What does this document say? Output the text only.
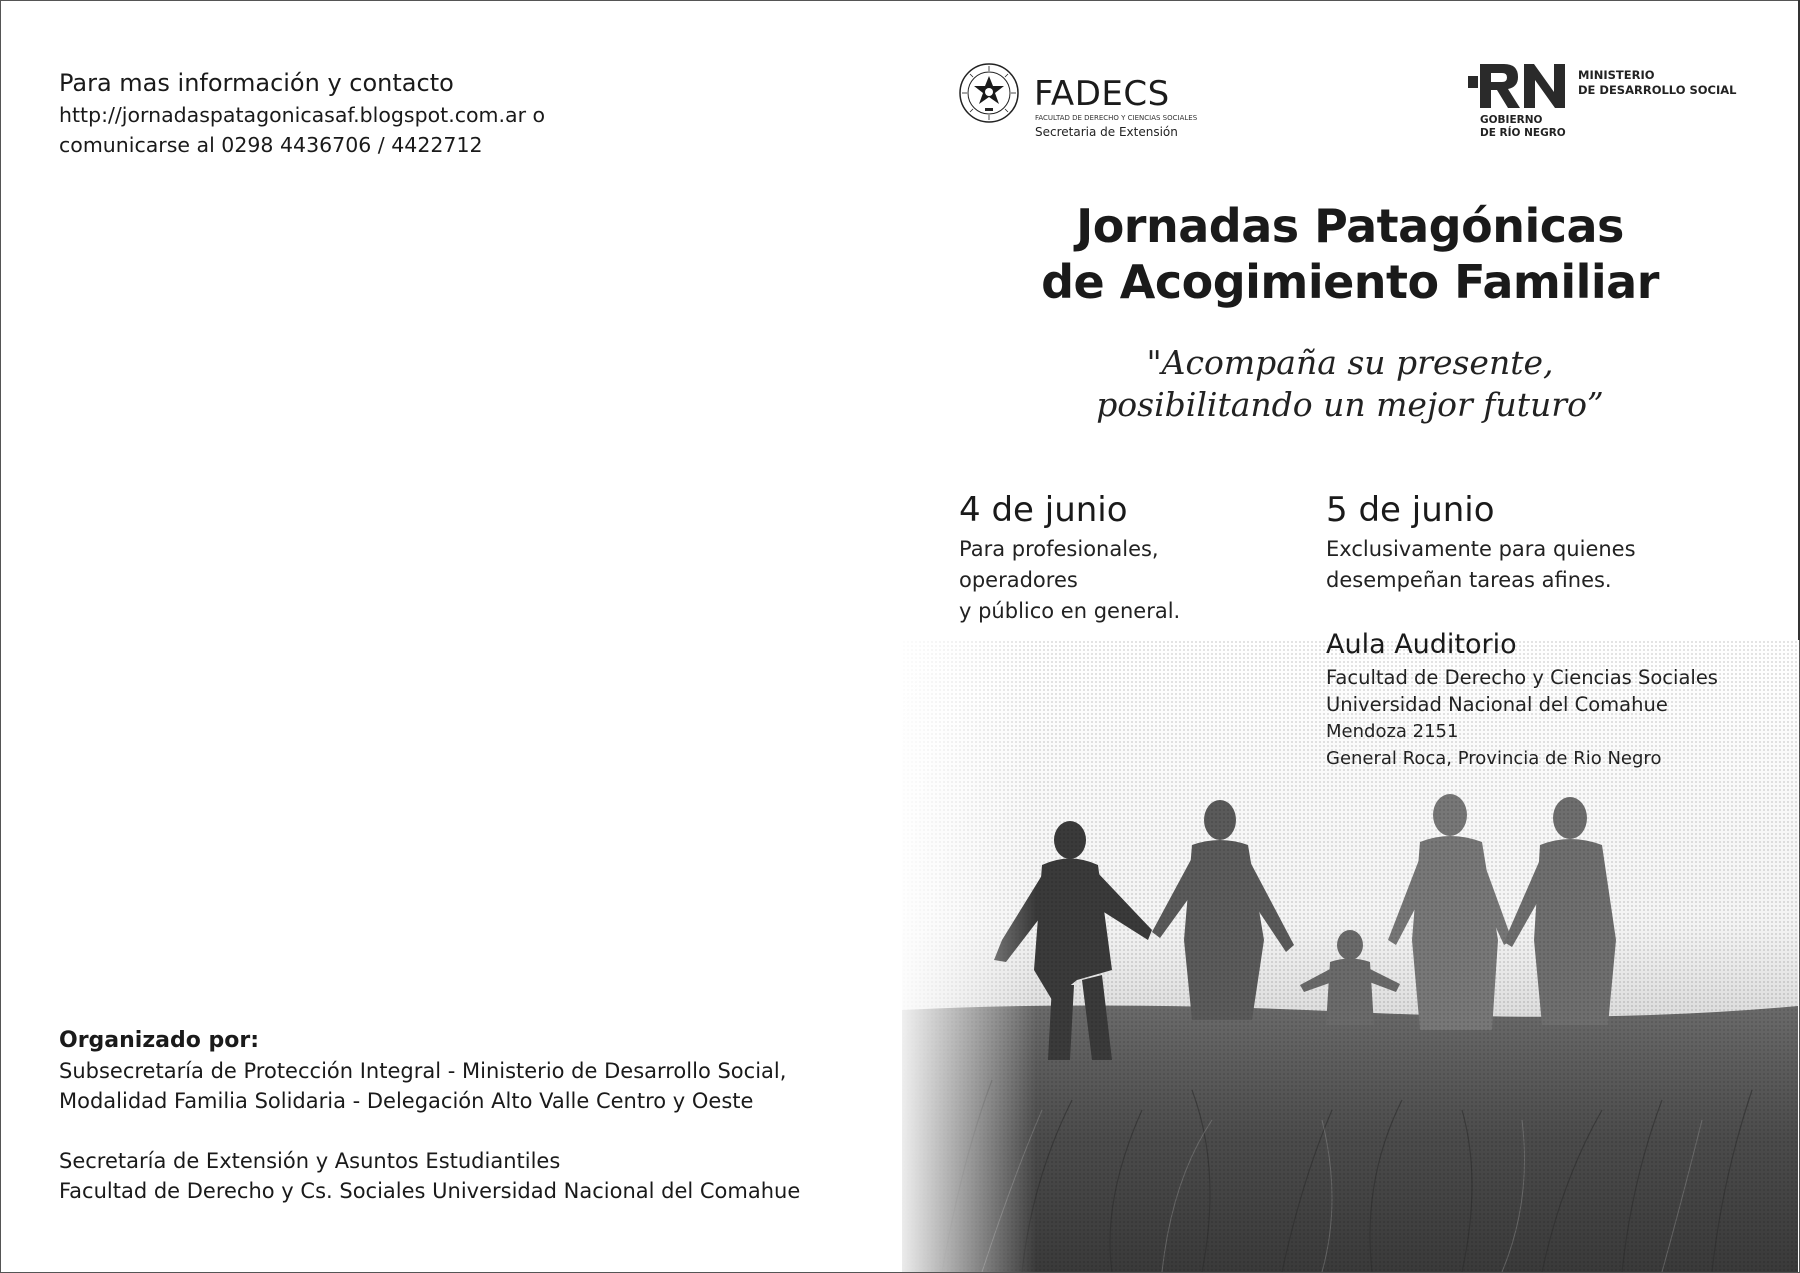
Para mas información y contacto

http://jornadaspatagonicasaf.blogspot.com.ar o

comunicarse al 0298 4436706 / 4422712

Organizado por:

Subsecretaría de Protección Integral - Ministerio de Desarrollo Social,

Modalidad Familia Solidaria - Delegación Alto Valle Centro y Oeste

Secretaría de Extensión y Asuntos Estudiantiles

Facultad de Derecho y Cs. Sociales Universidad Nacional del Comahue

FADECS
FACULTAD DE DERECHO Y CIENCIAS SOCIALES
Secretaria de Extensión
GOBIERNO
DE RÍO NEGRO
MINISTERIO
DE DESARROLLO SOCIAL
Jornadas Patagónicas
de Acogimiento Familiar
"Acompaña su presente,
posibilitando un mejor futuro”

4 de junio

Para profesionales,

operadores

y público en general.

5 de junio

Exclusivamente para quienes

desempeñan tareas afines.

Aula Auditorio

Facultad de Derecho y Ciencias Sociales

Universidad Nacional del Comahue

Mendoza 2151

General Roca, Provincia de Rio Negro
